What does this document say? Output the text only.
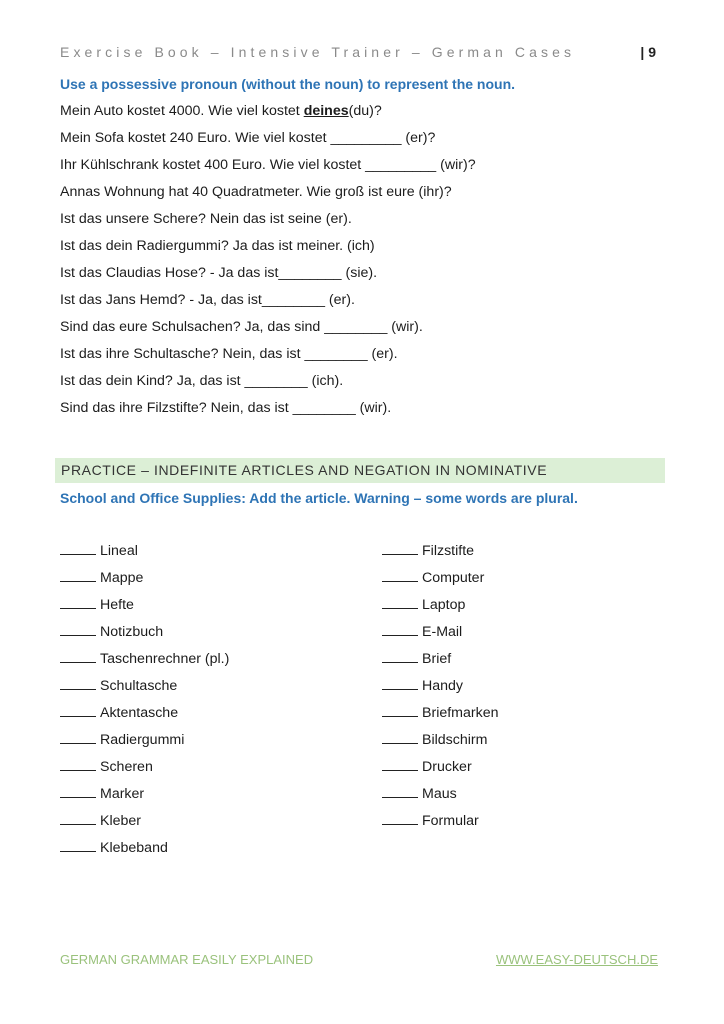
Exercise Book – Intensive Trainer – German Cases	| 9
Use a possessive pronoun (without the noun) to represent the noun.
Mein Auto kostet 4000. Wie viel kostet deines(du)?
Mein Sofa kostet 240 Euro. Wie viel kostet _________ (er)?
Ihr Kühlschrank kostet 400 Euro. Wie viel kostet _________ (wir)?
Annas Wohnung hat 40 Quadratmeter. Wie groß ist eure (ihr)?
Ist das unsere Schere? Nein das ist seine (er).
Ist das dein Radiergummi? Ja das ist meiner. (ich)
Ist das Claudias Hose? - Ja das ist________ (sie).
Ist das Jans Hemd? - Ja, das ist________ (er).
Sind das eure Schulsachen? Ja, das sind ________ (wir).
Ist das ihre Schultasche? Nein, das ist ________ (er).
Ist das dein Kind? Ja, das ist ________ (ich).
Sind das ihre Filzstifte? Nein, das ist ________ (wir).
PRACTICE – INDEFINITE ARTICLES AND NEGATION IN NOMINATIVE
School and Office Supplies: Add the article. Warning – some words are plural.
Lineal
Mappe
Hefte
Notizbuch
Taschenrechner (pl.)
Schultasche
Aktentasche
Radiergummi
Scheren
Marker
Kleber
Klebeband
Filzstifte
Computer
Laptop
E-Mail
Brief
Handy
Briefmarken
Bildschirm
Drucker
Maus
Formular
GERMAN GRAMMAR EASILY EXPLAINED	WWW.EASY-DEUTSCH.DE
